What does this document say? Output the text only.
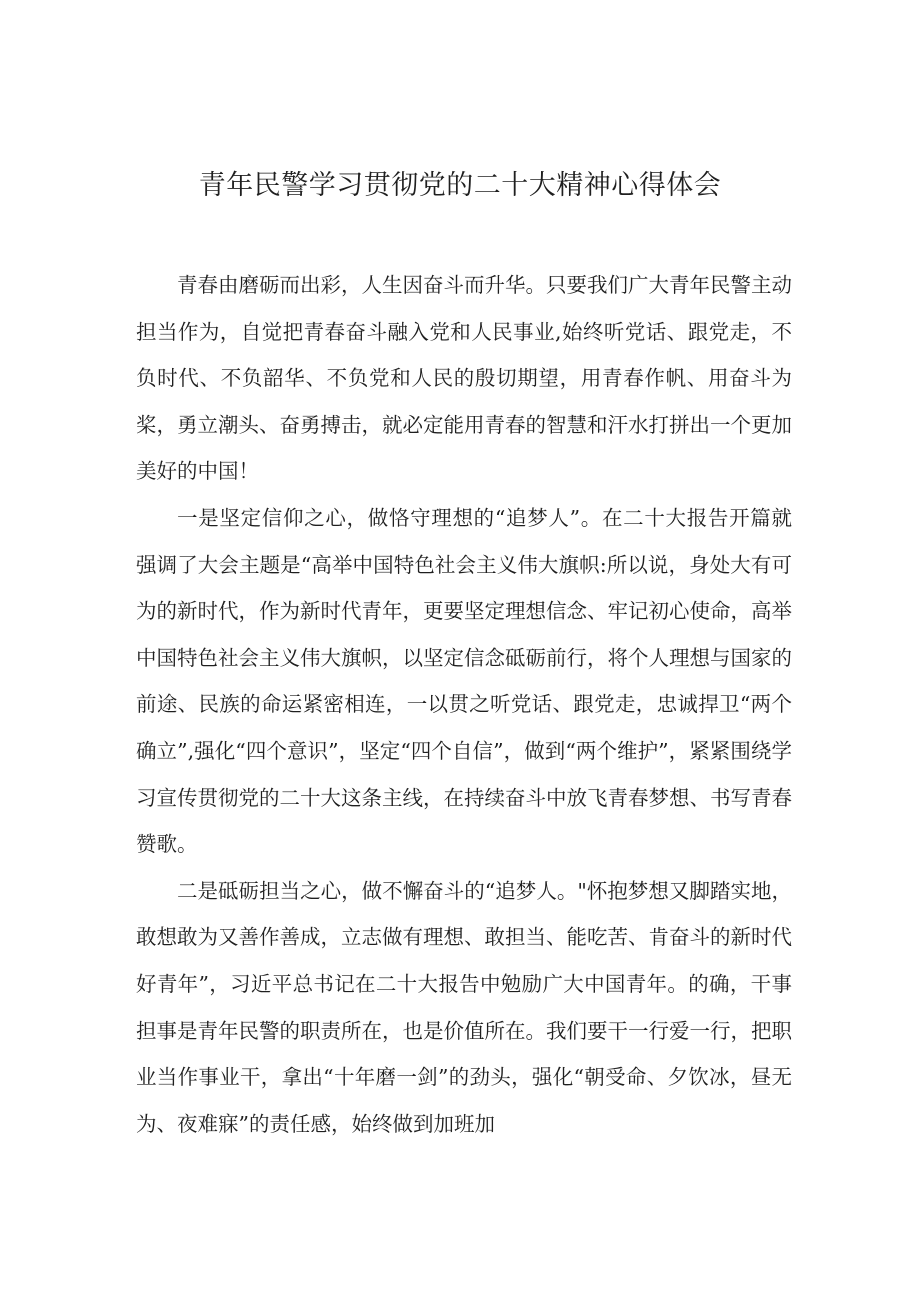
青年民警学习贯彻党的二十大精神心得体会

青春由磨砺而出彩，人生因奋斗而升华。只要我们广大青年民警主动担当作为，自觉把青春奋斗融入党和人民事业,始终听党话、跟党走，不负时代、不负韶华、不负党和人民的殷切期望，用青春作帆、用奋斗为桨，勇立潮头、奋勇搏击，就必定能用青春的智慧和汗水打拼出一个更加美好的中国！

一是坚定信仰之心，做恪守理想的“追梦人”。在二十大报告开篇就强调了大会主题是“高举中国特色社会主义伟大旗帜:所以说，身处大有可为的新时代，作为新时代青年，更要坚定理想信念、牢记初心使命，高举中国特色社会主义伟大旗帜，以坚定信念砥砺前行，将个人理想与国家的前途、民族的命运紧密相连，一以贯之听党话、跟党走，忠诚捍卫“两个确立”,强化“四个意识”，坚定“四个自信”，做到“两个维护”，紧紧围绕学习宣传贯彻党的二十大这条主线，在持续奋斗中放飞青春梦想、书写青春赞歌。

二是砥砺担当之心，做不懈奋斗的“追梦人。"怀抱梦想又脚踏实地，敢想敢为又善作善成，立志做有理想、敢担当、能吃苦、肯奋斗的新时代好青年”，习近平总书记在二十大报告中勉励广大中国青年。的确，干事担事是青年民警的职责所在，也是价值所在。我们要干一行爱一行，把职业当作事业干，拿出“十年磨一剑”的劲头，强化“朝受命、夕饮冰，昼无为、夜难寐”的责任感，始终做到加班加
